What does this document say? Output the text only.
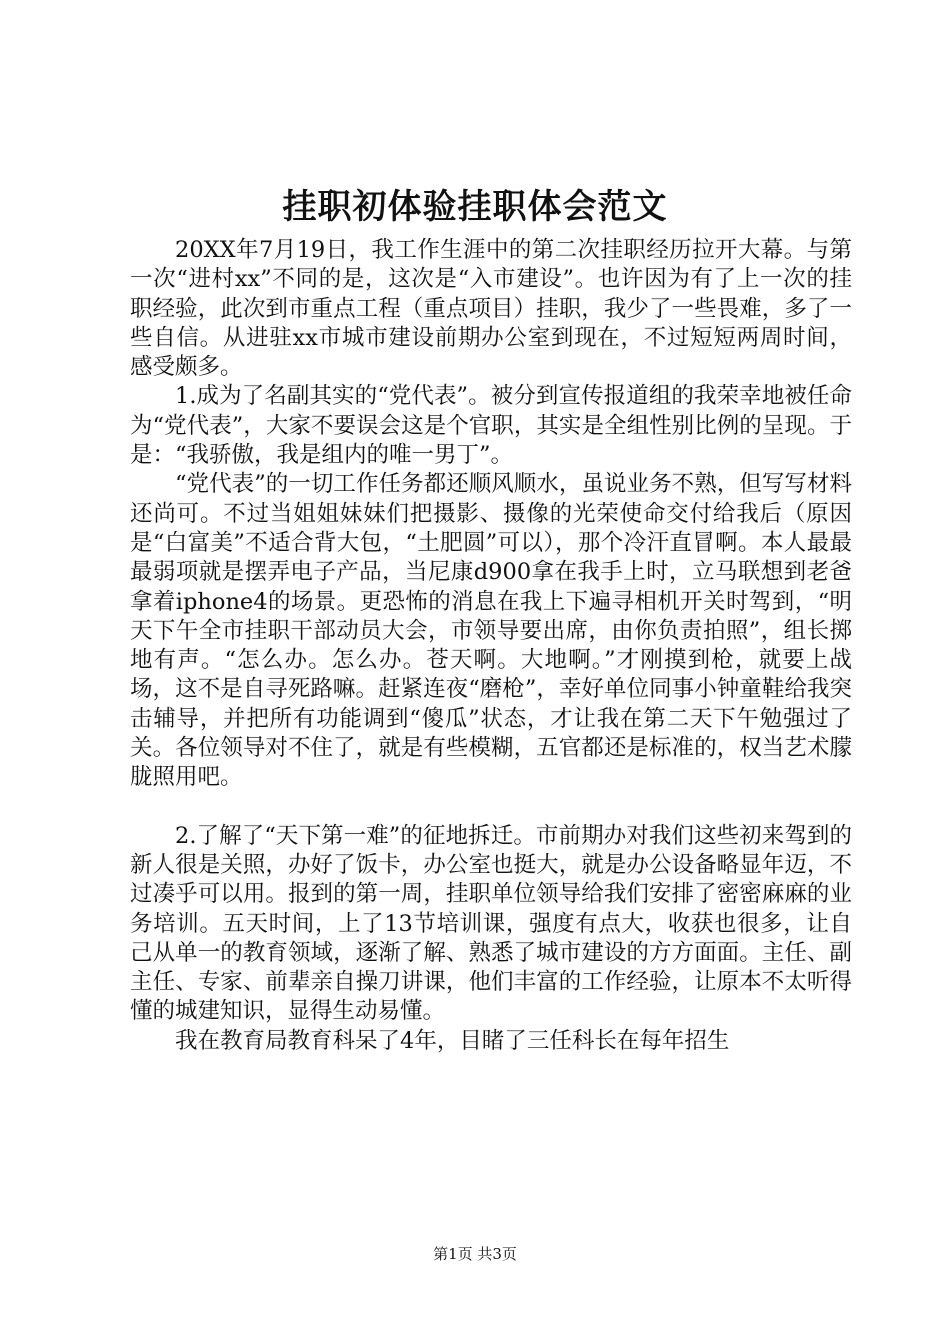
挂职初体验挂职体会范文

20XX年7月19日，我工作生涯中的第二次挂职经历拉开大幕。与第一次“进村xx”不同的是，这次是“入市建设”。也许因为有了上一次的挂职经验，此次到市重点工程（重点项目）挂职，我少了一些畏难，多了一些自信。从进驻xx市城市建设前期办公室到现在，不过短短两周时间，感受颇多。

1.成为了名副其实的“党代表”。被分到宣传报道组的我荣幸地被任命为“党代表”，大家不要误会这是个官职，其实是全组性别比例的呈现。于是：“我骄傲，我是组内的唯一男丁”。

“党代表”的一切工作任务都还顺风顺水，虽说业务不熟，但写写材料还尚可。不过当姐姐妹妹们把摄影、摄像的光荣使命交付给我后（原因是“白富美”不适合背大包，“土肥圆”可以），那个冷汗直冒啊。本人最最最弱项就是摆弄电子产品，当尼康d900拿在我手上时，立马联想到老爸拿着iphone4的场景。更恐怖的消息在我上下遍寻相机开关时驾到，“明天下午全市挂职干部动员大会，市领导要出席，由你负责拍照”，组长掷地有声。“怎么办。怎么办。苍天啊。大地啊。”才刚摸到枪，就要上战场，这不是自寻死路嘛。赶紧连夜“磨枪”，幸好单位同事小钟童鞋给我突击辅导，并把所有功能调到“傻瓜”状态，才让我在第二天下午勉强过了关。各位领导对不住了，就是有些模糊，五官都还是标准的，权当艺术朦胧照用吧。

2.了解了“天下第一难”的征地拆迁。市前期办对我们这些初来驾到的新人很是关照，办好了饭卡，办公室也挺大，就是办公设备略显年迈，不过凑乎可以用。报到的第一周，挂职单位领导给我们安排了密密麻麻的业务培训。五天时间，上了13节培训课，强度有点大，收获也很多，让自己从单一的教育领域，逐渐了解、熟悉了城市建设的方方面面。主任、副主任、专家、前辈亲自操刀讲课，他们丰富的工作经验，让原本不太听得懂的城建知识，显得生动易懂。

我在教育局教育科呆了4年，目睹了三任科长在每年招生

第1页 共3页
